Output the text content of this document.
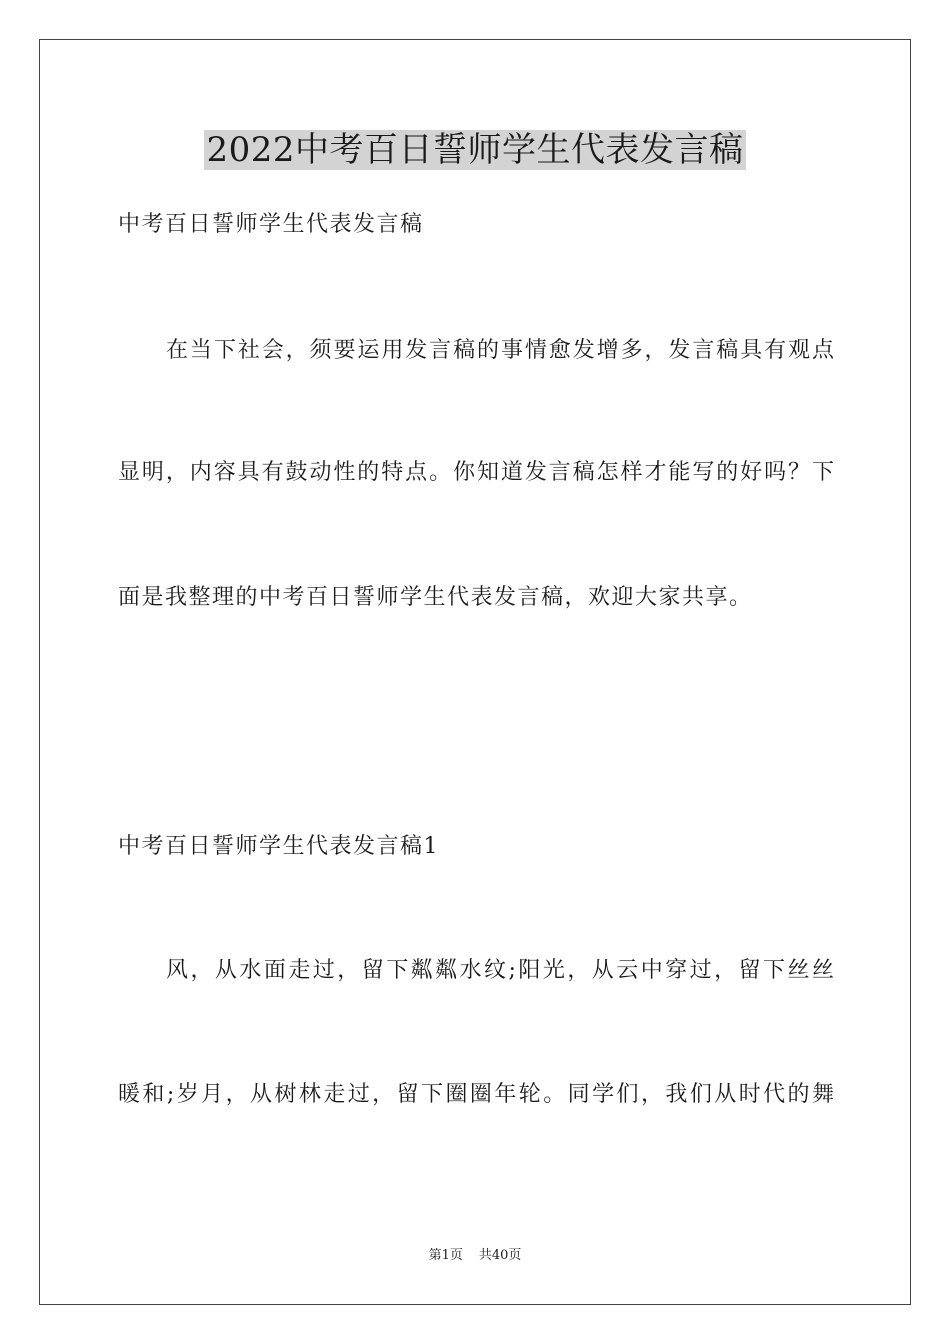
2022中考百日誓师学生代表发言稿
中考百日誓师学生代表发言稿
在当下社会，须要运用发言稿的事情愈发增多，发言稿具有观点
显明，内容具有鼓动性的特点。你知道发言稿怎样才能写的好吗？下
面是我整理的中考百日誓师学生代表发言稿，欢迎大家共享。
中考百日誓师学生代表发言稿1
风，从水面走过，留下粼粼水纹;阳光，从云中穿过，留下丝丝
暖和;岁月，从树林走过，留下圈圈年轮。同学们，我们从时代的舞
第1页 共40页
